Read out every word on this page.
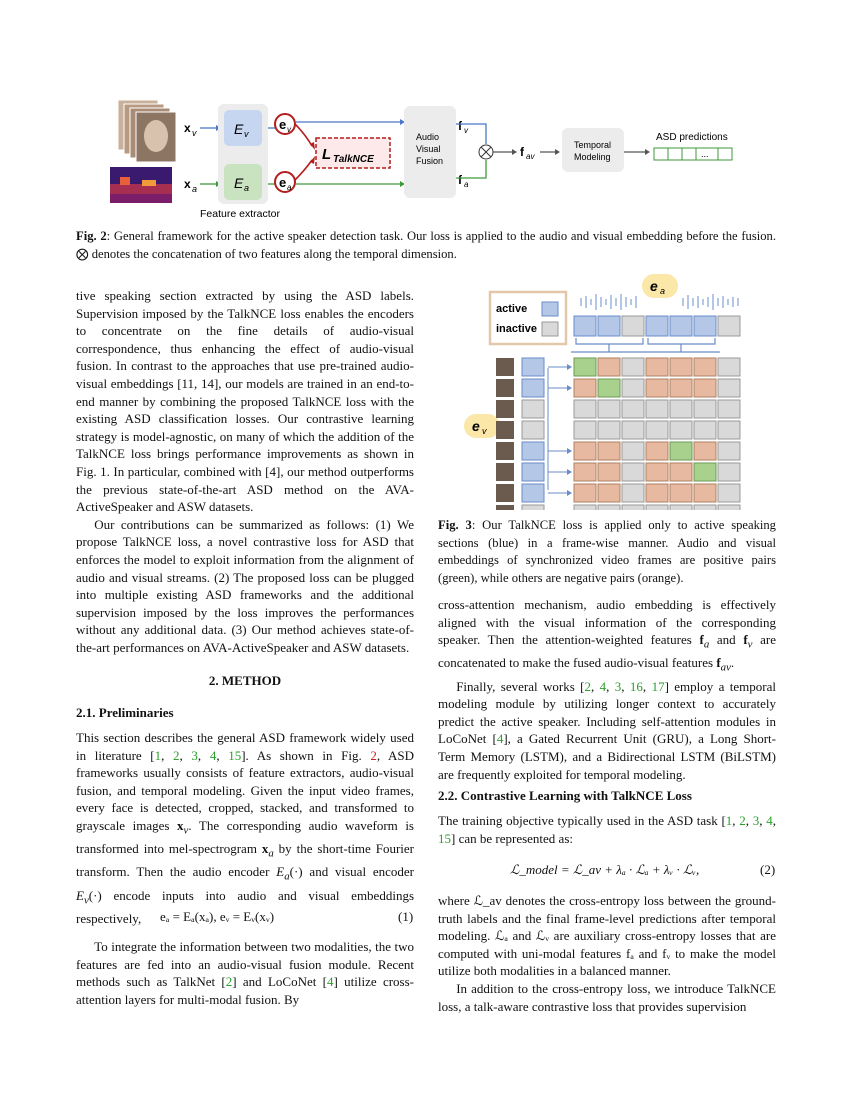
x v
x a
E v
E a
e v
e a
L TalkNCE
Audio
Visual
Fusion
f v
f a
f av
Temporal
Modeling
ASD predictions
...
Feature extractor
Fig. 2: General framework for the active speaker detection task. Our loss is applied to the audio and visual embedding before the fusion. ⨂ denotes the concatenation of two features along the temporal dimension.

tive speaking section extracted by using the ASD labels. Supervision imposed by the TalkNCE loss enables the encoders to concentrate on the fine details of audio-visual correspondence, thus enhancing the effect of audio-visual fusion. In contrast to the approaches that use pre-trained audio-visual embeddings [11, 14], our models are trained in an end-to-end manner by combining the proposed TalkNCE loss with the existing ASD classification losses. Our contrastive learning strategy is model-agnostic, on many of which the addition of the TalkNCE loss brings performance improvements as shown in Fig. 1. In particular, combined with [4], our method outperforms the previous state-of-the-art ASD method on the AVA-ActiveSpeaker and ASW datasets.

Our contributions can be summarized as follows: (1) We propose TalkNCE loss, a novel contrastive loss for ASD that enforces the model to exploit information from the alignment of audio and visual streams. (2) The proposed loss can be plugged into multiple existing ASD frameworks and the additional supervision imposed by the loss improves the performances without any additional data. (3) Our method achieves state-of-the-art performances on AVA-ActiveSpeaker and ASW datasets.

2. METHOD
2.1. Preliminaries

This section describes the general ASD framework widely used in literature [1, 2, 3, 4, 15]. As shown in Fig. 2, ASD frameworks usually consists of feature extractors, audio-visual fusion, and temporal modeling. Given the input video frames, every face is detected, cropped, stacked, and transformed to grayscale images $x_v$. The corresponding audio waveform is transformed into mel-spectrogram $x_a$ by the short-time Fourier transform. Then the audio encoder $E_a(\cdot)$ and visual encoder $E_v(\cdot)$ encode inputs into audio and visual embeddings respectively,	eₐ = Eₐ(xₐ), eᵥ = Eᵥ(xᵥ)	(1)

To integrate the information between two modalities, the two features are fed into an audio-visual fusion module. Recent methods such as TalkNet [2] and LoCoNet [4] utilize cross-attention layers for multi-modal fusion. By

e a
active
inactive
e v
Fig. 3: Our TalkNCE loss is applied only to active speaking sections (blue) in a frame-wise manner. Audio and visual embeddings of synchronized video frames are positive pairs (green), while others are negative pairs (orange).

cross-attention mechanism, audio embedding is effectively aligned with the visual information of the corresponding speaker. Then the attention-weighted features $f_a$ and $f_v$ are concatenated to make the fused audio-visual features $f_{av}$.

Finally, several works [2, 4, 3, 16, 17] employ a temporal modeling module by utilizing longer context to accurately predict the active speaker. Including self-attention modules in LoCoNet [4], a Gated Recurrent Unit (GRU), a Long Short-Term Memory (LSTM), and a Bidirectional LSTM (BiLSTM) are frequently exploited for temporal modeling.

2.2. Contrastive Learning with TalkNCE Loss

The training objective typically used in the ASD task [1, 2, 3, 4, 15] can be represented as:

ℒ_model = ℒ_av + λₐ · ℒₐ + λᵥ · ℒᵥ,	(2)

where ℒ_av denotes the cross-entropy loss between the ground-truth labels and the final frame-level predictions after temporal modeling. ℒₐ and ℒᵥ are auxiliary cross-entropy losses that are computed with uni-modal features fₐ and fᵥ to make the model utilize both modalities in a balanced manner.

In addition to the cross-entropy loss, we introduce TalkNCE loss, a talk-aware contrastive loss that provides supervision
